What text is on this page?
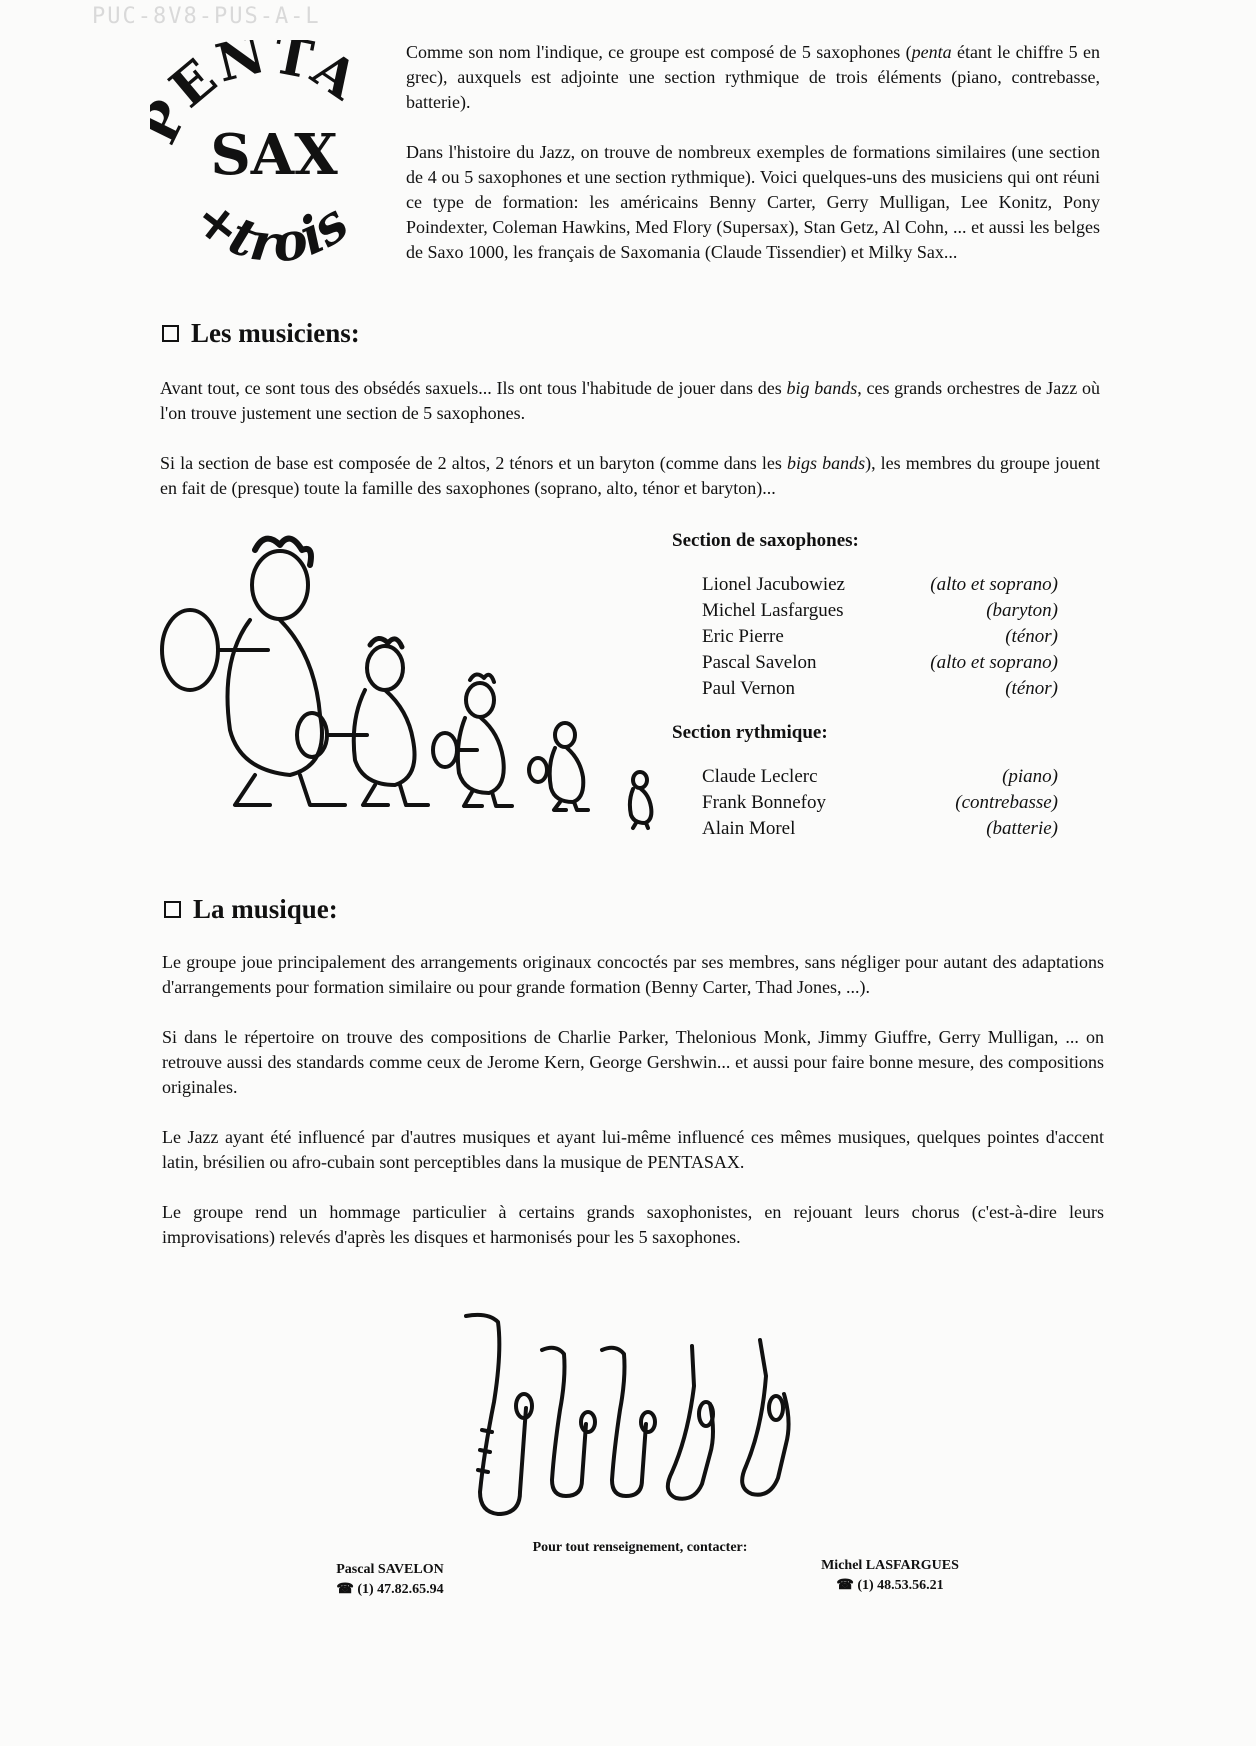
PUC-8V8-PUS-A-L
ENTA
SAX
+trois

Comme son nom l'indique, ce groupe est composé de 5 saxophones (penta étant le chiffre 5 en grec), auxquels est adjointe une section rythmique de trois éléments (piano, contrebasse, batterie).

Dans l'histoire du Jazz, on trouve de nombreux exemples de formations similaires (une section de 4 ou 5 saxophones et une section rythmique). Voici quelques-uns des musiciens qui ont réuni ce type de formation: les américains Benny Carter, Gerry Mulligan, Lee Konitz, Pony Poindexter, Coleman Hawkins, Med Flory (Supersax), Stan Getz, Al Cohn, ... et aussi les belges de Saxo 1000, les français de Saxomania (Claude Tissendier) et Milky Sax...

Les musiciens:

Avant tout, ce sont tous des obsédés saxuels... Ils ont tous l'habitude de jouer dans des big bands, ces grands orchestres de Jazz où l'on trouve justement une section de 5 saxophones.

Si la section de base est composée de 2 altos, 2 ténors et un baryton (comme dans les bigs bands), les membres du groupe jouent en fait de (presque) toute la famille des saxophones (soprano, alto, ténor et baryton)...

Section de saxophones:
Lionel Jacubowiez	(alto et soprano)
Michel Lasfargues	(baryton)
Eric Pierre	(ténor)
Pascal Savelon	(alto et soprano)
Paul Vernon	(ténor)
Section rythmique:
Claude Leclerc	(piano)
Frank Bonnefoy	(contrebasse)
Alain Morel	(batterie)
La musique:

Le groupe joue principalement des arrangements originaux concoctés par ses membres, sans négliger pour autant des adaptations d'arrangements pour formation similaire ou pour grande formation (Benny Carter, Thad Jones, ...).

Si dans le répertoire on trouve des compositions de Charlie Parker, Thelonious Monk, Jimmy Giuffre, Gerry Mulligan, ... on retrouve aussi des standards comme ceux de Jerome Kern, George Gershwin... et aussi pour faire bonne mesure, des compositions originales.

Le Jazz ayant été influencé par d'autres musiques et ayant lui-même influencé ces mêmes musiques, quelques pointes d'accent latin, brésilien ou afro-cubain sont perceptibles dans la musique de PENTASAX.

Le groupe rend un hommage particulier à certains grands saxophonistes, en rejouant leurs chorus (c'est-à-dire leurs improvisations) relevés d'après les disques et harmonisés pour les 5 saxophones.

Pour tout renseignement, contacter:
Pascal SAVELON
☎ (1) 47.82.65.94
Michel LASFARGUES
☎ (1) 48.53.56.21
